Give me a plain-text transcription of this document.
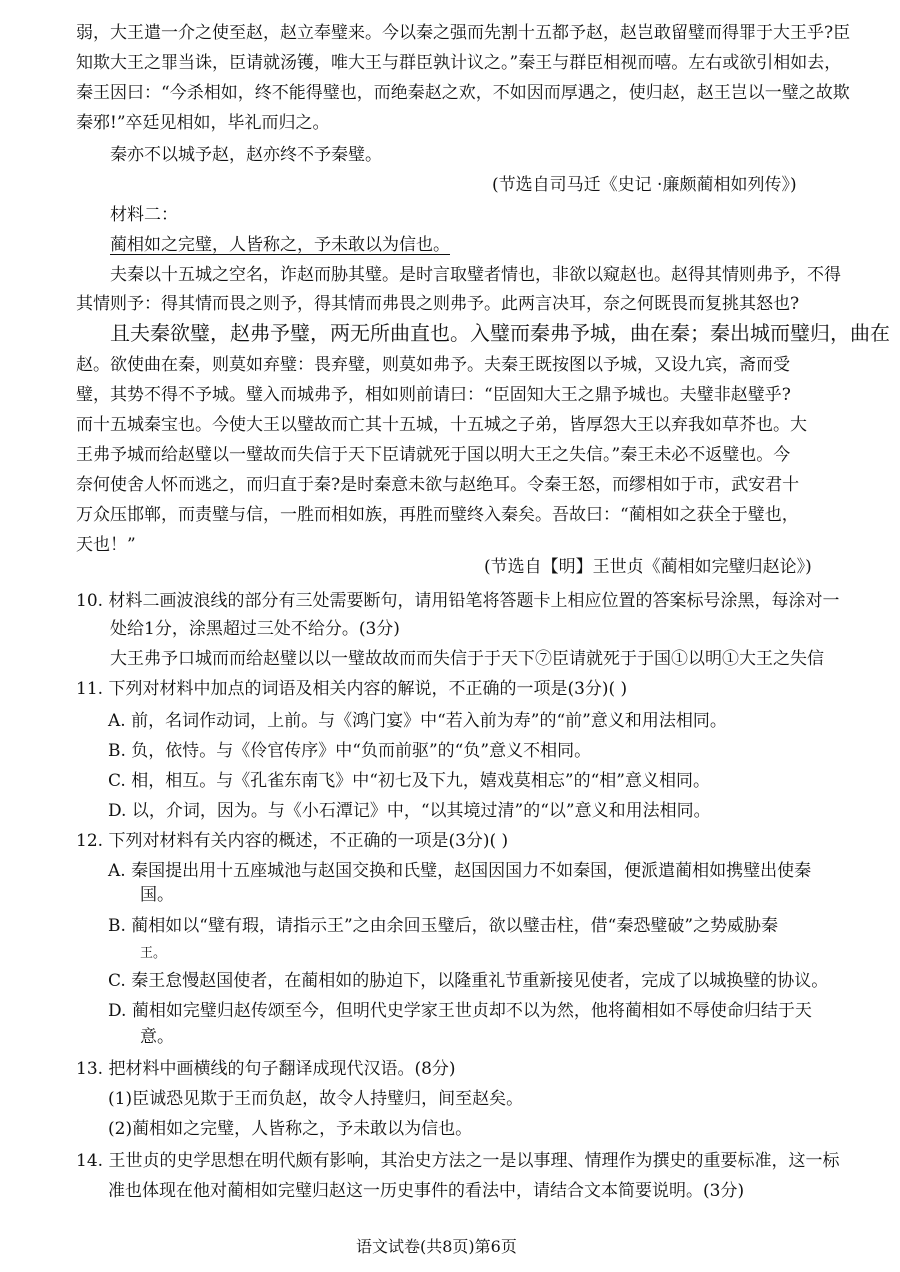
弱，大王遣一介之使至赵，赵立奉璧来。今以秦之强而先割十五都予赵，赵岂敢留璧而得罪于大王乎?臣
知欺大王之罪当诛，臣请就汤镬，唯大王与群臣孰计议之。”秦王与群臣相视而嘻。左右或欲引相如去，
秦王因曰：“今杀相如，终不能得璧也，而绝秦赵之欢，不如因而厚遇之，使归赵，赵王岂以一璧之故欺
秦邪!”卒廷见相如，毕礼而归之。
秦亦不以城予赵，赵亦终不予秦璧。
(节选自司马迁《史记 ·廉颇蔺相如列传》)
材料二：
蔺相如之完璧，人皆称之，予未敢以为信也。
夫秦以十五城之空名，诈赵而胁其璧。是时言取璧者情也，非欲以窥赵也。赵得其情则弗予，不得
其情则予：得其情而畏之则予，得其情而弗畏之则弗予。此两言决耳，奈之何既畏而复挑其怒也?
且夫秦欲璧，赵弗予璧，两无所曲直也。入璧而秦弗予城，曲在秦；秦出城而璧归，曲在
赵。欲使曲在秦，则莫如弃璧：畏弃璧，则莫如弗予。夫秦王既按图以予城，又设九宾，斋而受
璧，其势不得不予城。璧入而城弗予，相如则前请曰：“臣固知大王之鼎予城也。夫璧非赵璧乎?
而十五城秦宝也。今使大王以璧故而亡其十五城，十五城之子弟，皆厚怨大王以弃我如草芥也。大
王弗予城而给赵璧以一璧故而失信于天下臣请就死于国以明大王之失信。”秦王未必不返璧也。今
奈何使舍人怀而逃之，而归直于秦?是时秦意未欲与赵绝耳。令秦王怒，而缪相如于市，武安君十
万众压邯郸，而责璧与信，一胜而相如族，再胜而璧终入秦矣。吾故曰：“蔺相如之获全于璧也，
天也！”
(节选自【明】王世贞《蔺相如完璧归赵论》)
10. 材料二画波浪线的部分有三处需要断句，请用铅笔将答题卡上相应位置的答案标号涂黑，每涂对一
处给1分，涂黑超过三处不给分。(3分)
大王弗予口城而而给赵璧以以一璧故故而而失信于于天下⑦臣请就死于于国①以明①大王之失信
11. 下列对材料中加点的词语及相关内容的解说，不正确的一项是(3分)( )
A. 前，名词作动词，上前。与《鸿门宴》中“若入前为寿”的“前”意义和用法相同。
B. 负，依恃。与《伶官传序》中“负而前驱”的“负”意义不相同。
C. 相，相互。与《孔雀东南飞》中“初七及下九，嬉戏莫相忘”的“相”意义相同。
D. 以，介词，因为。与《小石潭记》中，“以其境过清”的“以”意义和用法相同。
12. 下列对材料有关内容的概述，不正确的一项是(3分)( )
A. 秦国提出用十五座城池与赵国交换和氏璧，赵国因国力不如秦国，便派遣蔺相如携璧出使秦
国。
B. 蔺相如以“璧有瑕，请指示王”之由余回玉璧后，欲以璧击柱，借“秦恐璧破”之势威胁秦
王。
C. 秦王怠慢赵国使者，在蔺相如的胁迫下，以隆重礼节重新接见使者，完成了以城换璧的协议。
D. 蔺相如完璧归赵传颂至今，但明代史学家王世贞却不以为然，他将蔺相如不辱使命归结于天
意。
13. 把材料中画横线的句子翻译成现代汉语。(8分)
(1)臣诚恐见欺于王而负赵，故令人持璧归，间至赵矣。
(2)蔺相如之完璧，人皆称之，予未敢以为信也。
14. 王世贞的史学思想在明代颇有影响，其治史方法之一是以事理、情理作为撰史的重要标准，这一标
准也体现在他对蔺相如完璧归赵这一历史事件的看法中，请结合文本简要说明。(3分)
语文试卷(共8页)第6页
